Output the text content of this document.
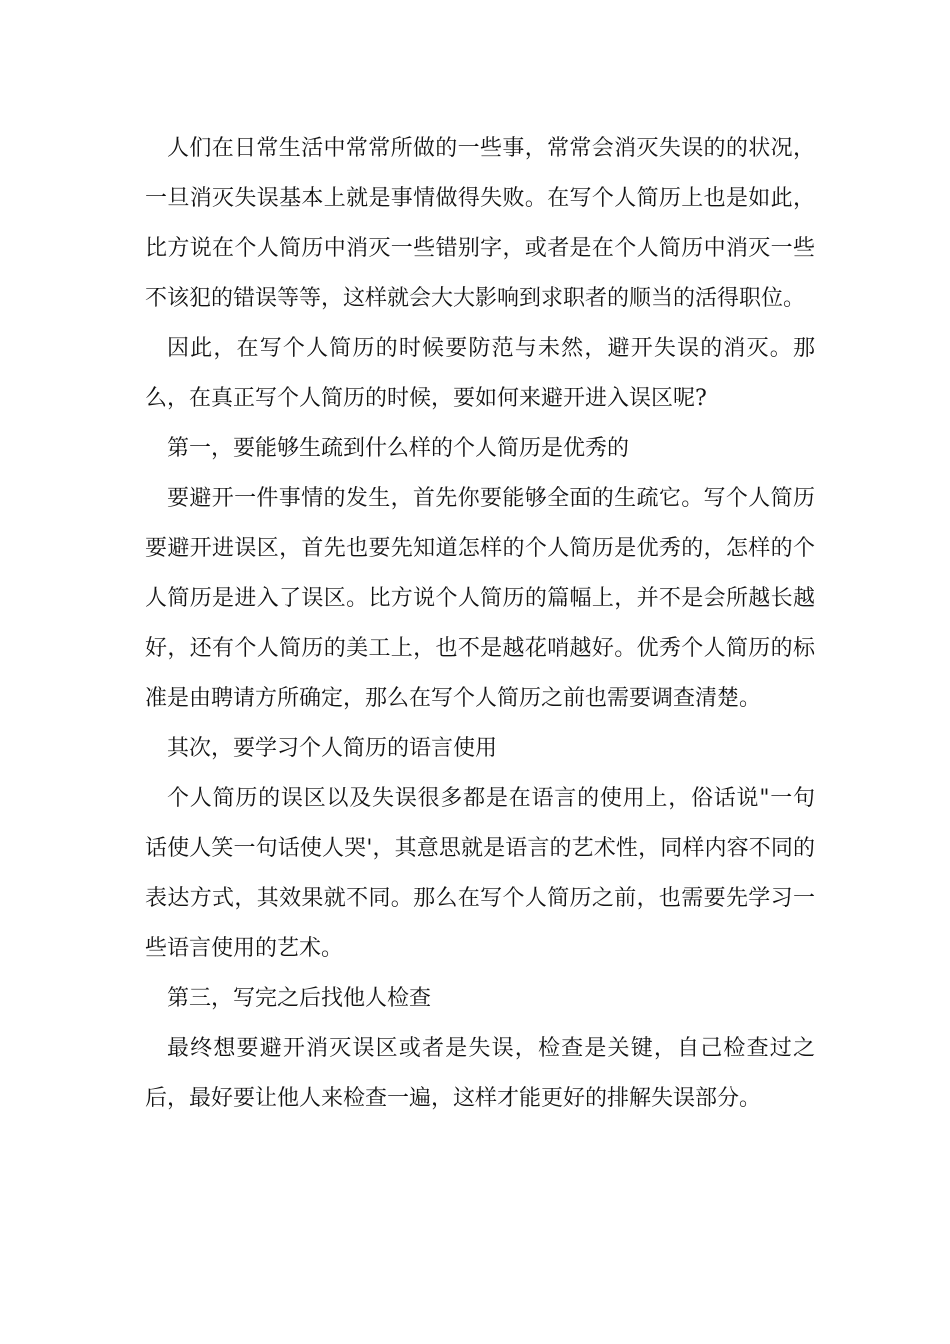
人们在日常生活中常常所做的一些事，常常会消灭失误的的状况， 一旦消灭失误基本上就是事情做得失败。在写个人简历上也是如此，比方说在个人简历中消灭一些错别字，或者是在个人简历中消灭一些不该犯的错误等等，这样就会大大影响到求职者的顺当的活得职位。

因此，在写个人简历的时候要防范与未然，避开失误的消灭。那么，在真正写个人简历的时候，要如何来避开进入误区呢?

第一，要能够生疏到什么样的个人简历是优秀的

要避开一件事情的发生，首先你要能够全面的生疏它。写个人简历要避开进误区，首先也要先知道怎样的个人简历是优秀的，怎样的个人简历是进入了误区。比方说个人简历的篇幅上，并不是会所越长越好，还有个人简历的美工上，也不是越花哨越好。优秀个人简历的标准是由聘请方所确定，那么在写个人简历之前也需要调查清楚。

其次，要学习个人简历的语言使用

个人简历的误区以及失误很多都是在语言的使用上，俗话说"一句话使人笑一句话使人哭'，其意思就是语言的艺术性，同样内容不同的表达方式，其效果就不同。那么在写个人简历之前，也需要先学习一些语言使用的艺术。

第三，写完之后找他人检查

最终想要避开消灭误区或者是失误，检查是关键，自己检查过之后，最好要让他人来检查一遍，这样才能更好的排解失误部分。
